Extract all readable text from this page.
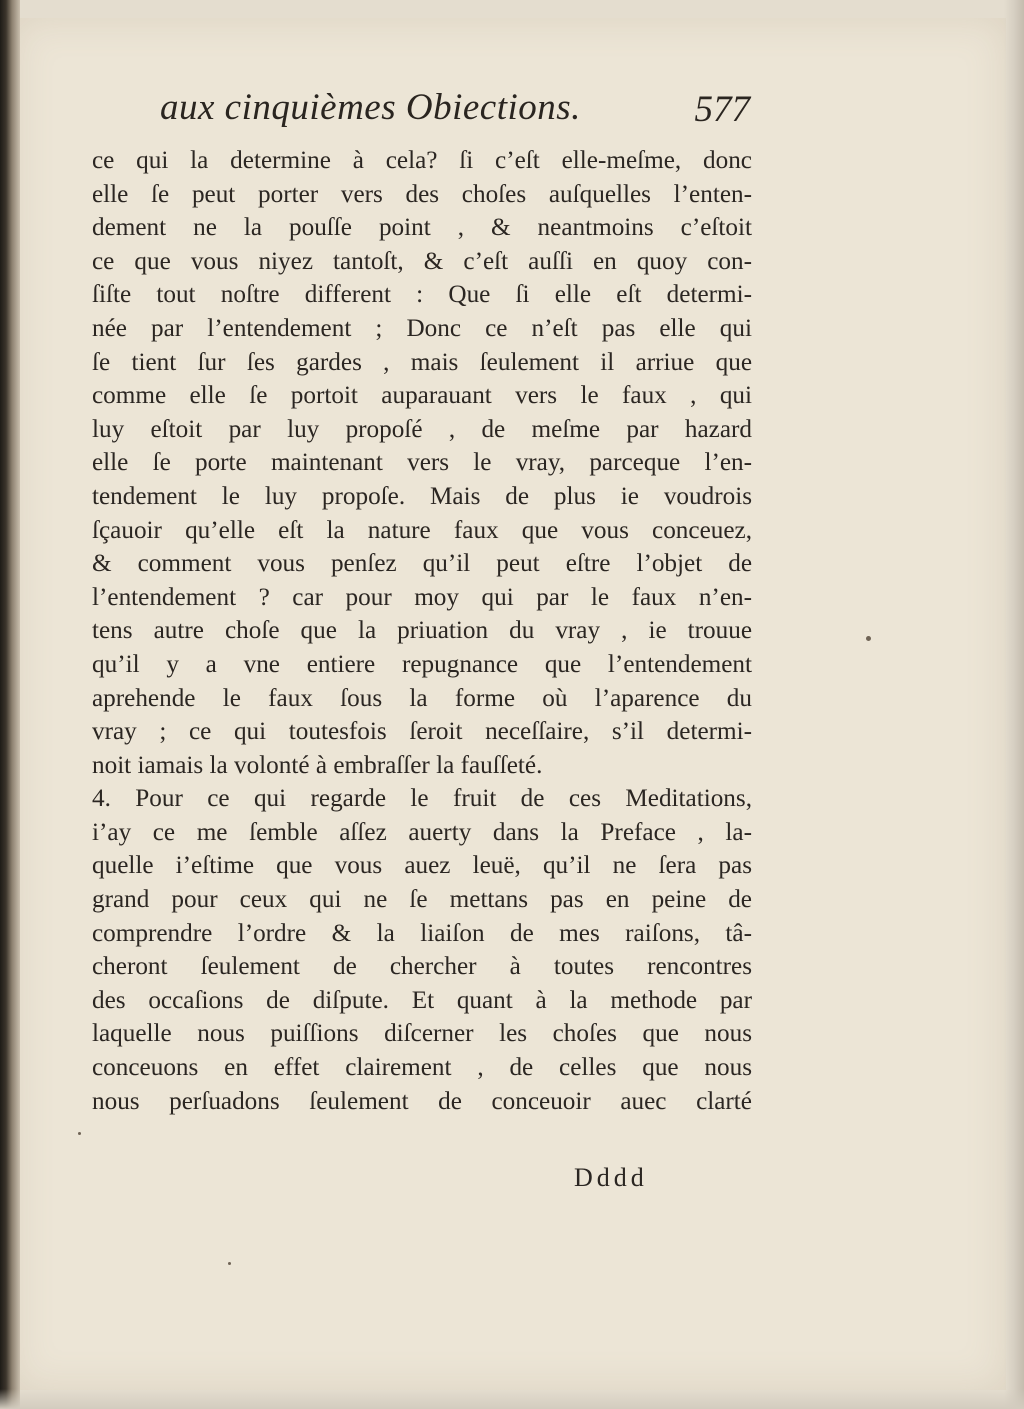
aux cinquièmes Obiections.	577
ce qui la determine à cela? ſi c’eſt elle-meſme, donc
elle ſe peut porter vers des choſes auſquelles l’enten-
dement ne la pouſſe point , & neantmoins c’eſtoit
ce que vous niyez tantoſt, & c’eſt auſſi en quoy con-
ſiſte tout noſtre different : Que ſi elle eſt determi-
née par l’entendement ; Donc ce n’eſt pas elle qui
ſe tient ſur ſes gardes , mais ſeulement il arriue que
comme elle ſe portoit auparauant vers le faux , qui
luy eſtoit par luy propoſé , de meſme par hazard
elle ſe porte maintenant vers le vray, parceque l’en-
tendement le luy propoſe. Mais de plus ie voudrois
ſçauoir qu’elle eſt la nature faux que vous conceuez,
& comment vous penſez qu’il peut eſtre l’objet de
l’entendement ? car pour moy qui par le faux n’en-
tens autre choſe que la priuation du vray , ie trouue
qu’il y a vne entiere repugnance que l’entendement
aprehende le faux ſous la forme où l’aparence du
vray ; ce qui toutesfois ſeroit neceſſaire, s’il determi-
noit iamais la volonté à embraſſer la fauſſeté.
4. Pour ce qui regarde le fruit de ces Meditations,
i’ay ce me ſemble aſſez auerty dans la Preface , la-
quelle i’eſtime que vous auez leuë, qu’il ne ſera pas
grand pour ceux qui ne ſe mettans pas en peine de
comprendre l’ordre & la liaiſon de mes raiſons, tâ-
cheront ſeulement de chercher à toutes rencontres
des occaſions de diſpute. Et quant à la methode par
laquelle nous puiſſions diſcerner les choſes que nous
conceuons en effet clairement , de celles que nous
nous perſuadons ſeulement de conceuoir auec clarté
Dddd
